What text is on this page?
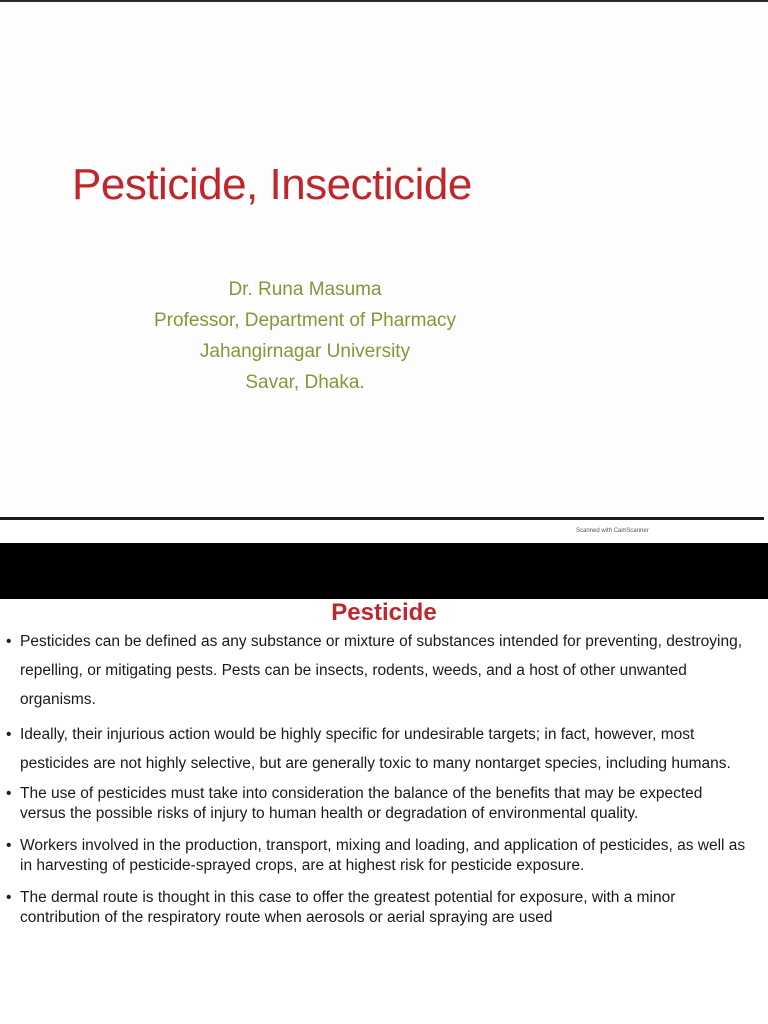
Pesticide, Insecticide
Dr. Runa Masuma
Professor, Department of Pharmacy
Jahangirnagar University
Savar, Dhaka.
Scanned with CamScanner
Pesticide
• Pesticides can be defined as any substance or mixture of substances intended for preventing, destroying, repelling, or mitigating pests. Pests can be insects, rodents, weeds, and a host of other unwanted organisms.
• Ideally, their injurious action would be highly specific for undesirable targets; in fact, however, most pesticides are not highly selective, but are generally toxic to many nontarget species, including humans.
• The use of pesticides must take into consideration the balance of the benefits that may be expected versus the possible risks of injury to human health or degradation of environmental quality.
• Workers involved in the production, transport, mixing and loading, and application of pesticides, as well as in harvesting of pesticide-sprayed crops, are at highest risk for pesticide exposure.
• The dermal route is thought in this case to offer the greatest potential for exposure, with a minor contribution of the respiratory route when aerosols or aerial spraying are used
